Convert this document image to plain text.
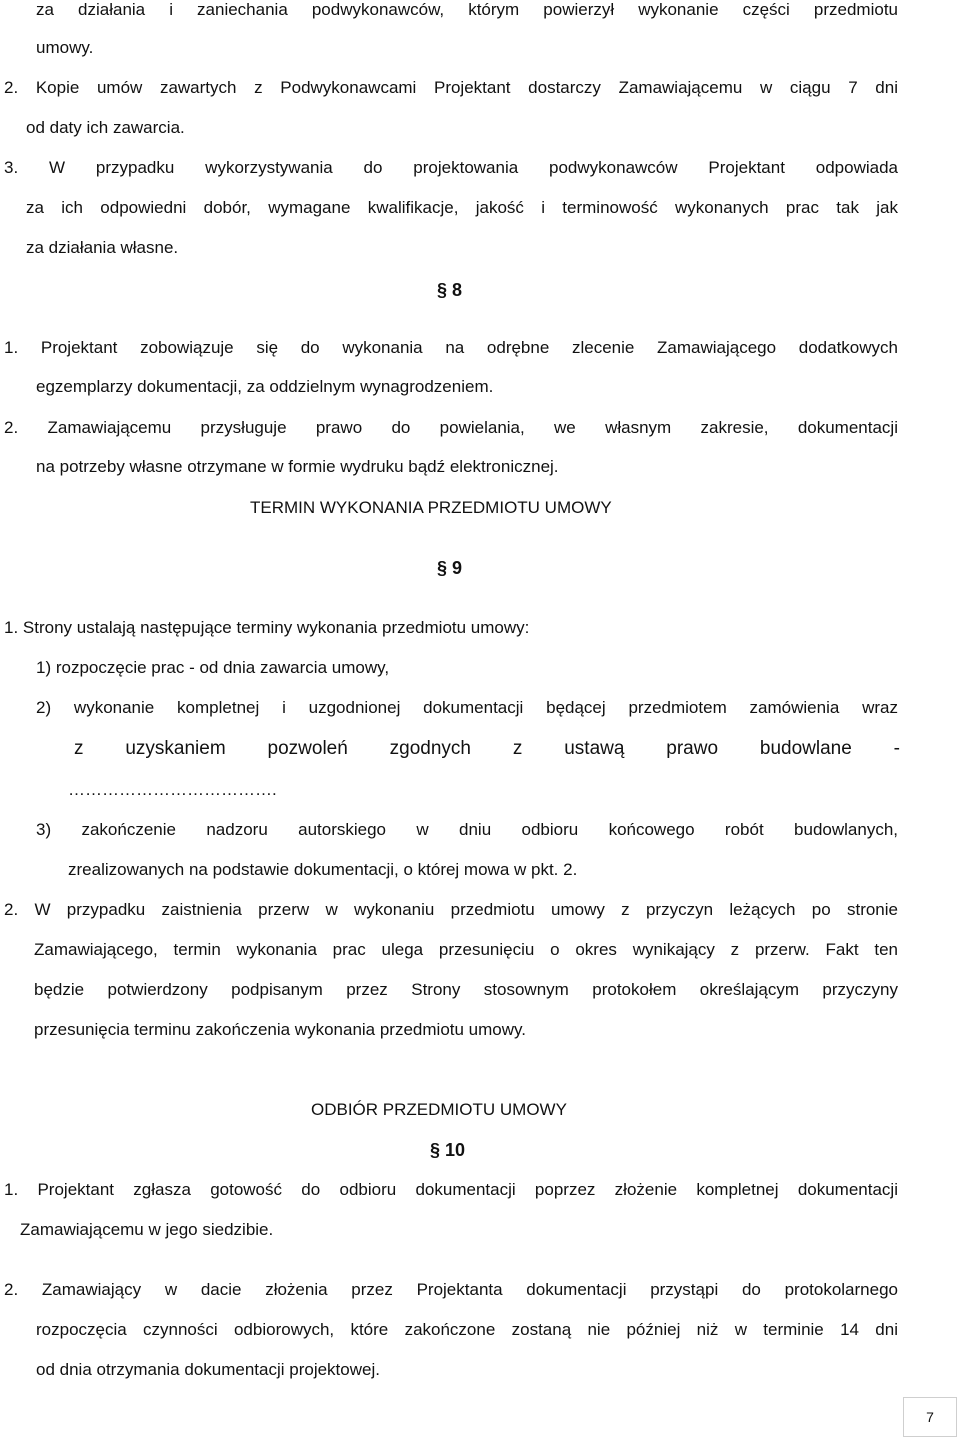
za działania i zaniechania podwykonawców, którym powierzył wykonanie części przedmiotu
umowy.
2. Kopie umów zawartych z Podwykonawcami Projektant dostarczy Zamawiającemu w ciągu 7 dni
od daty ich zawarcia.
3. W przypadku wykorzystywania do projektowania podwykonawców Projektant odpowiada
za ich odpowiedni dobór, wymagane kwalifikacje, jakość i terminowość wykonanych prac tak jak
za działania własne.
§ 8
1. Projektant zobowiązuje się do wykonania na odrębne zlecenie Zamawiającego dodatkowych
egzemplarzy dokumentacji, za oddzielnym wynagrodzeniem.
2. Zamawiającemu przysługuje prawo do powielania, we własnym zakresie, dokumentacji
na potrzeby własne otrzymane w formie wydruku bądź elektronicznej.
TERMIN WYKONANIA PRZEDMIOTU UMOWY
§ 9
1. Strony ustalają następujące terminy wykonania przedmiotu umowy:
1) rozpoczęcie prac - od dnia zawarcia umowy,
2) wykonanie kompletnej i uzgodnionej dokumentacji będącej przedmiotem zamówienia wraz
z uzyskaniem pozwoleń zgodnych z ustawą prawo budowlane -
……………………………….
3) zakończenie nadzoru autorskiego w dniu odbioru końcowego robót budowlanych,
zrealizowanych na podstawie dokumentacji, o której mowa w pkt. 2.
2. W przypadku zaistnienia przerw w wykonaniu przedmiotu umowy z przyczyn leżących po stronie
Zamawiającego, termin wykonania prac ulega przesunięciu o okres wynikający z przerw. Fakt ten
będzie potwierdzony podpisanym przez Strony stosownym protokołem określającym przyczyny
przesunięcia terminu zakończenia wykonania przedmiotu umowy.
ODBIÓR PRZEDMIOTU UMOWY
§ 10
1. Projektant zgłasza gotowość do odbioru dokumentacji poprzez złożenie kompletnej dokumentacji
Zamawiającemu w jego siedzibie.
2. Zamawiający w dacie złożenia przez Projektanta dokumentacji przystąpi do protokolarnego
rozpoczęcia czynności odbiorowych, które zakończone zostaną nie później niż w terminie 14 dni
od dnia otrzymania dokumentacji projektowej.
7
